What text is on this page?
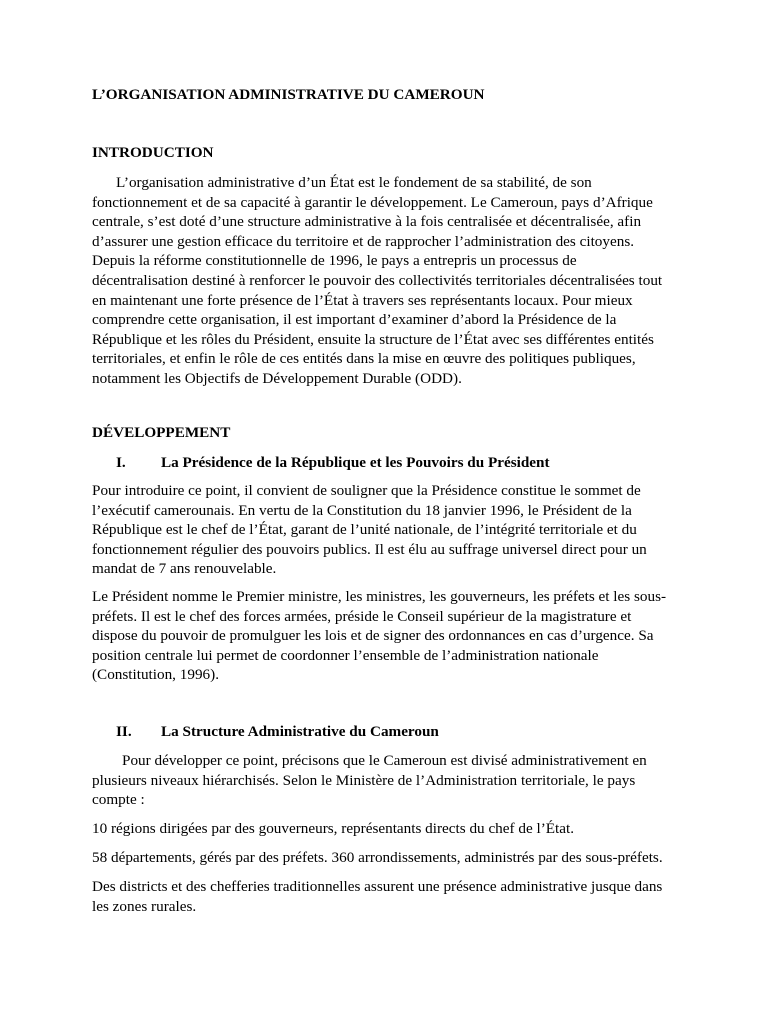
L’ORGANISATION ADMINISTRATIVE DU CAMEROUN
INTRODUCTION
L’organisation administrative d’un État est le fondement de sa stabilité, de son
fonctionnement et de sa capacité à garantir le développement. Le Cameroun, pays d’Afrique
centrale, s’est doté d’une structure administrative à la fois centralisée et décentralisée, afin
d’assurer une gestion efficace du territoire et de rapprocher l’administration des citoyens.
Depuis la réforme constitutionnelle de 1996, le pays a entrepris un processus de
décentralisation destiné à renforcer le pouvoir des collectivités territoriales décentralisées tout
en maintenant une forte présence de l’État à travers ses représentants locaux. Pour mieux
comprendre cette organisation, il est important d’examiner d’abord la Présidence de la
République et les rôles du Président, ensuite la structure de l’État avec ses différentes entités
territoriales, et enfin le rôle de ces entités dans la mise en œuvre des politiques publiques,
notamment les Objectifs de Développement Durable (ODD).
DÉVELOPPEMENT
I. La Présidence de la République et les Pouvoirs du Président
Pour introduire ce point, il convient de souligner que la Présidence constitue le sommet de
l’exécutif camerounais. En vertu de la Constitution du 18 janvier 1996, le Président de la
République est le chef de l’État, garant de l’unité nationale, de l’intégrité territoriale et du
fonctionnement régulier des pouvoirs publics. Il est élu au suffrage universel direct pour un
mandat de 7 ans renouvelable.
Le Président nomme le Premier ministre, les ministres, les gouverneurs, les préfets et les sous-
préfets. Il est le chef des forces armées, préside le Conseil supérieur de la magistrature et
dispose du pouvoir de promulguer les lois et de signer des ordonnances en cas d’urgence. Sa
position centrale lui permet de coordonner l’ensemble de l’administration nationale
(Constitution, 1996).
II. La Structure Administrative du Cameroun
Pour développer ce point, précisons que le Cameroun est divisé administrativement en
plusieurs niveaux hiérarchisés. Selon le Ministère de l’Administration territoriale, le pays
compte :
10 régions dirigées par des gouverneurs, représentants directs du chef de l’État.
58 départements, gérés par des préfets. 360 arrondissements, administrés par des sous-préfets.
Des districts et des chefferies traditionnelles assurent une présence administrative jusque dans
les zones rurales.
